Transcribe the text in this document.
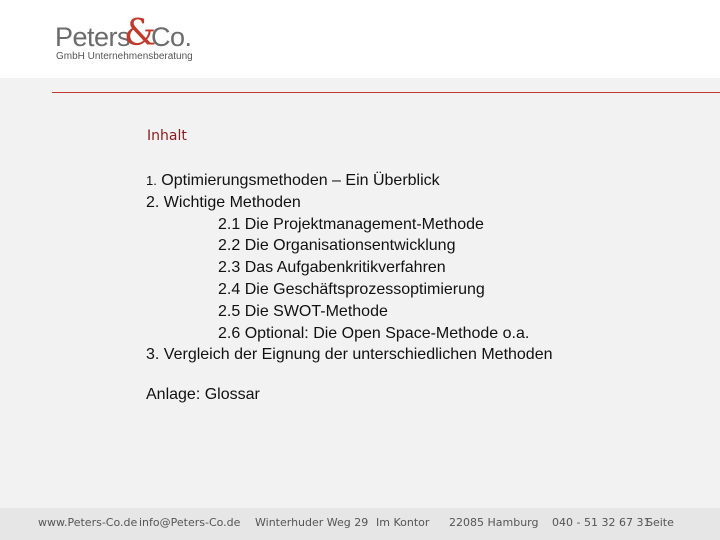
Peters
&
Co.
GmbH Unternehmensberatung
Inhalt
1. Optimierungsmethoden – Ein Überblick
2. Wichtige Methoden
2.1 Die Projektmanagement-Methode
2.2 Die Organisationsentwicklung
2.3 Das Aufgabenkritikverfahren
2.4 Die Geschäftsprozessoptimierung
2.5 Die SWOT-Methode
2.6 Optional: Die Open Space-Methode o.a.
3. Vergleich der Eignung der unterschiedlichen Methoden
Anlage: Glossar
www.Peters-Co.de info@Peters-Co.de Winterhuder Weg 29 Im Kontor 22085 Hamburg 040 - 51 32 67 31
Seite
